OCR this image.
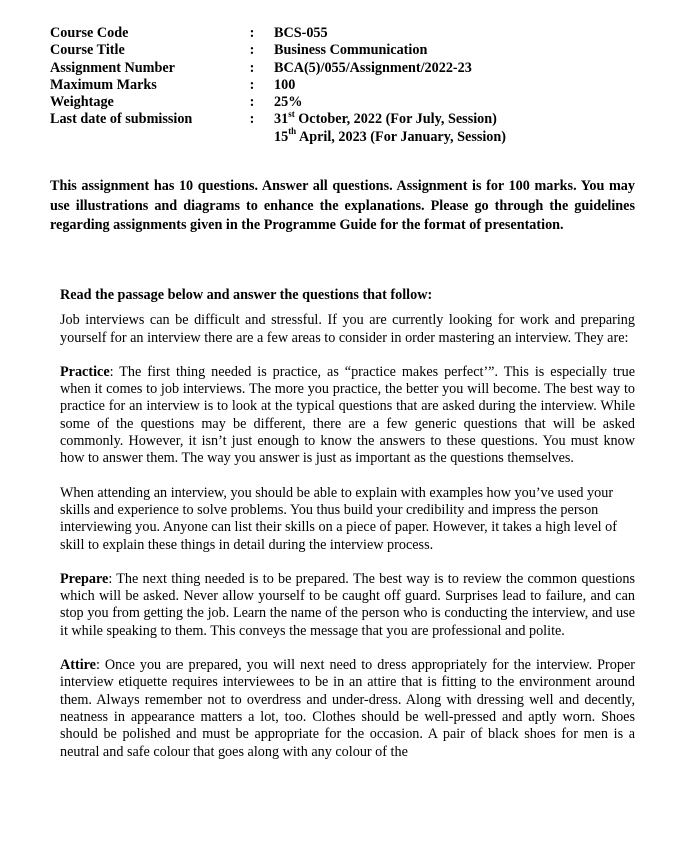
Course Code	:	BCS-055
Course Title	:	Business Communication
Assignment Number	:	BCA(5)/055/Assignment/2022-23
Maximum Marks	:	100
Weightage	:	25%
Last date of submission	:	31st October, 2022 (For July, Session)
15th April, 2023 (For January, Session)
This assignment has 10 questions. Answer all questions. Assignment is for 100 marks. You may use illustrations and diagrams to enhance the explanations. Please go through the guidelines regarding assignments given in the Programme Guide for the format of presentation.
Read the passage below and answer the questions that follow:

Job interviews can be difficult and stressful. If you are currently looking for work and preparing yourself for an interview there are a few areas to consider in order mastering an interview. They are:

Practice: The first thing needed is practice, as “practice makes perfect’”. This is especially true when it comes to job interviews. The more you practice, the better you will become. The best way to practice for an interview is to look at the typical questions that are asked during the interview. While some of the questions may be different, there are a few generic questions that will be asked commonly. However, it isn’t just enough to know the answers to these questions. You must know how to answer them. The way you answer is just as important as the questions themselves.

When attending an interview, you should be able to explain with examples how you’ve used your skills and experience to solve problems. You thus build your credibility and impress the person interviewing you. Anyone can list their skills on a piece of paper. However, it takes a high level of skill to explain these things in detail during the interview process.

Prepare: The next thing needed is to be prepared. The best way is to review the common questions which will be asked. Never allow yourself to be caught off guard. Surprises lead to failure, and can stop you from getting the job. Learn the name of the person who is conducting the interview, and use it while speaking to them. This conveys the message that you are professional and polite.

Attire: Once you are prepared, you will next need to dress appropriately for the interview. Proper interview etiquette requires interviewees to be in an attire that is fitting to the environment around them. Always remember not to overdress and under-dress. Along with dressing well and decently, neatness in appearance matters a lot, too. Clothes should be well-pressed and aptly worn. Shoes should be polished and must be appropriate for the occasion. A pair of black shoes for men is a neutral and safe colour that goes along with any colour of the
